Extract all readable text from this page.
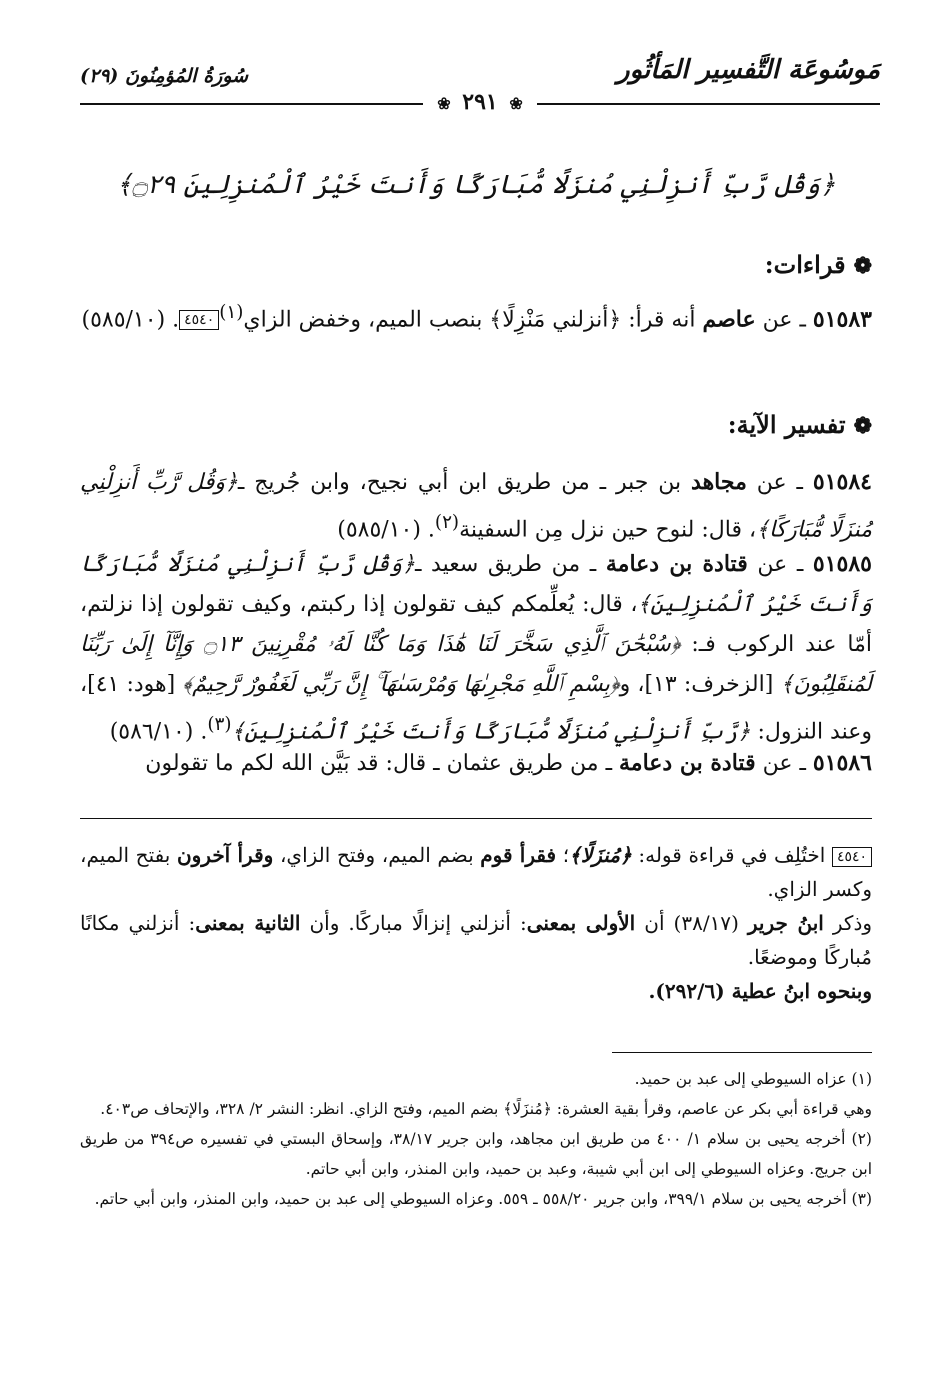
مَوسُوعَة التَّفسِير المَأثُور
سُورَةُ المُؤمِنُونَ (٢٩)
❀ ٢٩١ ❀
﴿وَقُل رَّبِّ أَنزِلْنِي مُنزَلًا مُّبَارَكًا وَأَنتَ خَيْرُ ٱلْمُنزِلِينَ ۝٢٩﴾
❁قراءات:
٥١٥٨٣ ـ عن عاصم أنه قرأ: ﴿أنزلني مَنْزِلًا﴾ بنصب الميم، وخفض الزاي$^{(١)}$٤٥٤٠. (٥٨٥/١٠)
❁تفسير الآية:
٥١٥٨٤ ـ عن مجاهد بن جبر ـ من طريق ابن أبي نجيح، وابن جُريج ـ﴿وَقُل رَّبِّ أَنزِلْنِي مُنزَلًا مُّبَارَكًا﴾، قال: لنوح حين نزل مِن السفينة$^{(٢)}$. (٥٨٥/١٠)
٥١٥٨٥ ـ عن قتادة بن دعامة ـ من طريق سعيد ـ﴿وَقُل رَّبِّ أَنزِلْنِي مُنزَلًا مُّبَارَكًا وَأَنتَ خَيْرُ ٱلْمُنزِلِينَ﴾، قال: يُعلِّمكم كيف تقولون إذا ركبتم، وكيف تقولون إذا نزلتم، أمّا عند الركوب فـ: ﴿سُبْحَٰنَ ٱلَّذِي سَخَّرَ لَنَا هَٰذَا وَمَا كُنَّا لَهُۥ مُقْرِنِينَ ۝١٣ وَإِنَّآ إِلَىٰ رَبِّنَا لَمُنقَلِبُونَ﴾ [الزخرف: ١٣]، و﴿بِسْمِ ٱللَّهِ مَجْرِىٰهَا وَمُرْسَىٰهَآ ۚ إِنَّ رَبِّي لَغَفُورٌ رَّحِيمٌ﴾ [هود: ٤١]، وعند النزول: ﴿رَّبِّ أَنزِلْنِي مُنزَلًا مُّبَارَكًا وَأَنتَ خَيْرُ ٱلْمُنزِلِينَ﴾$^{(٣)}$. (٥٨٦/١٠)
٥١٥٨٦ ـ عن قتادة بن دعامة ـ من طريق عثمان ـ قال: قد بَيَّن الله لكم ما تقولون

٤٥٤٠ اختُلِف في قراءة قوله: ﴿مُنزَلًا﴾؛ فقرأ قوم بضم الميم، وفتح الزاي، وقرأ آخرون بفتح الميم، وكسر الزاي.

وذكر ابنُ جرير (٣٨/١٧) أن الأولى بمعنى: أنزلني إنزالًا مباركًا. وأن الثانية بمعنى: أنزلني مكانًا مُباركًا وموضعًا.

وبنحوه ابنُ عطية (٢٩٢/٦).

(١) عزاه السيوطي إلى عبد بن حميد.

وهي قراءة أبي بكر عن عاصم، وقرأ بقية العشرة: ﴿مُنزَلًا﴾ بضم الميم، وفتح الزاي. انظر: النشر ٢/ ٣٢٨، والإتحاف ص٤٠٣.

(٢) أخرجه يحيى بن سلام ١/ ٤٠٠ من طريق ابن مجاهد، وابن جرير ٣٨/١٧، وإسحاق البستي في تفسيره ص٣٩٤ من طريق ابن جريج. وعزاه السيوطي إلى ابن أبي شيبة، وعبد بن حميد، وابن المنذر، وابن أبي حاتم.

(٣) أخرجه يحيى بن سلام ٣٩٩/١، وابن جرير ٥٥٨/٢٠ ـ ٥٥٩. وعزاه السيوطي إلى عبد بن حميد، وابن المنذر، وابن أبي حاتم.
